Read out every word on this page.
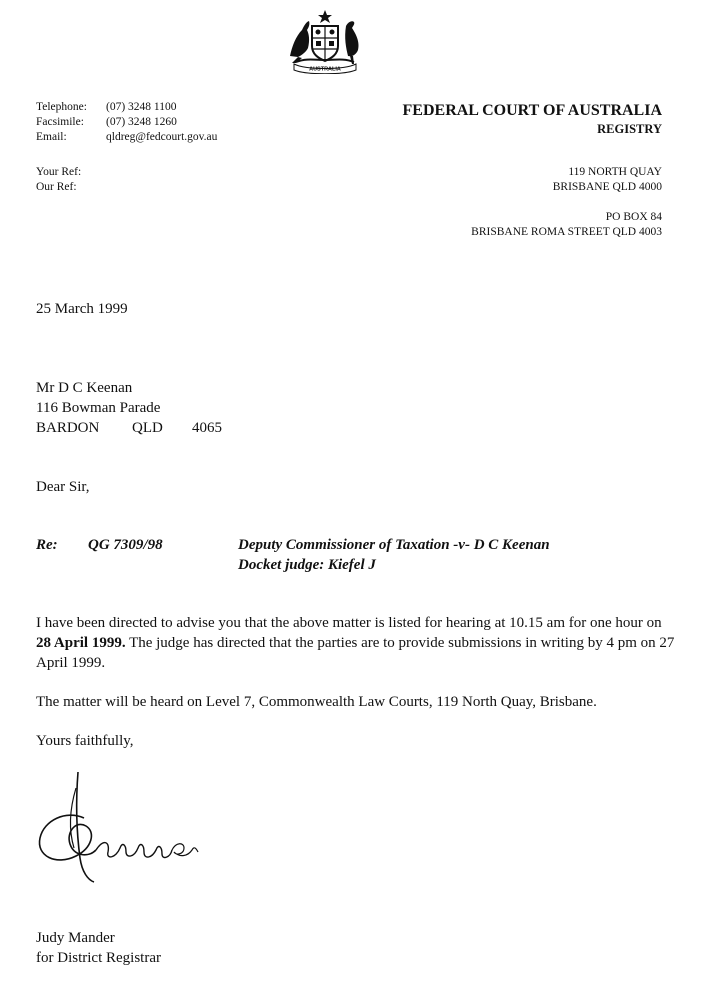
AUSTRALIA
Telephone:	(07) 3248 1100
Facsimile:	(07) 3248 1260
Email:	qldreg@fedcourt.gov.au
Your Ref:
Our Ref:
FEDERAL COURT OF AUSTRALIA
REGISTRY
119 NORTH QUAY
BRISBANE QLD 4000
PO BOX 84
BRISBANE ROMA STREET QLD 4003
25 March 1999
Mr D C Keenan
116 Bowman Parade
BARDON QLD 4065
Dear Sir,
Re: QG 7309/98	Deputy Commissioner of Taxation -v- D C Keenan
Docket judge: Kiefel J
I have been directed to advise you that the above matter is listed for hearing at 10.15 am for one hour on 28 April 1999. The judge has directed that the parties are to provide submissions in writing by 4 pm on 27 April 1999.
The matter will be heard on Level 7, Commonwealth Law Courts, 119 North Quay, Brisbane.
Yours faithfully,
Judy Mander
for District Registrar
